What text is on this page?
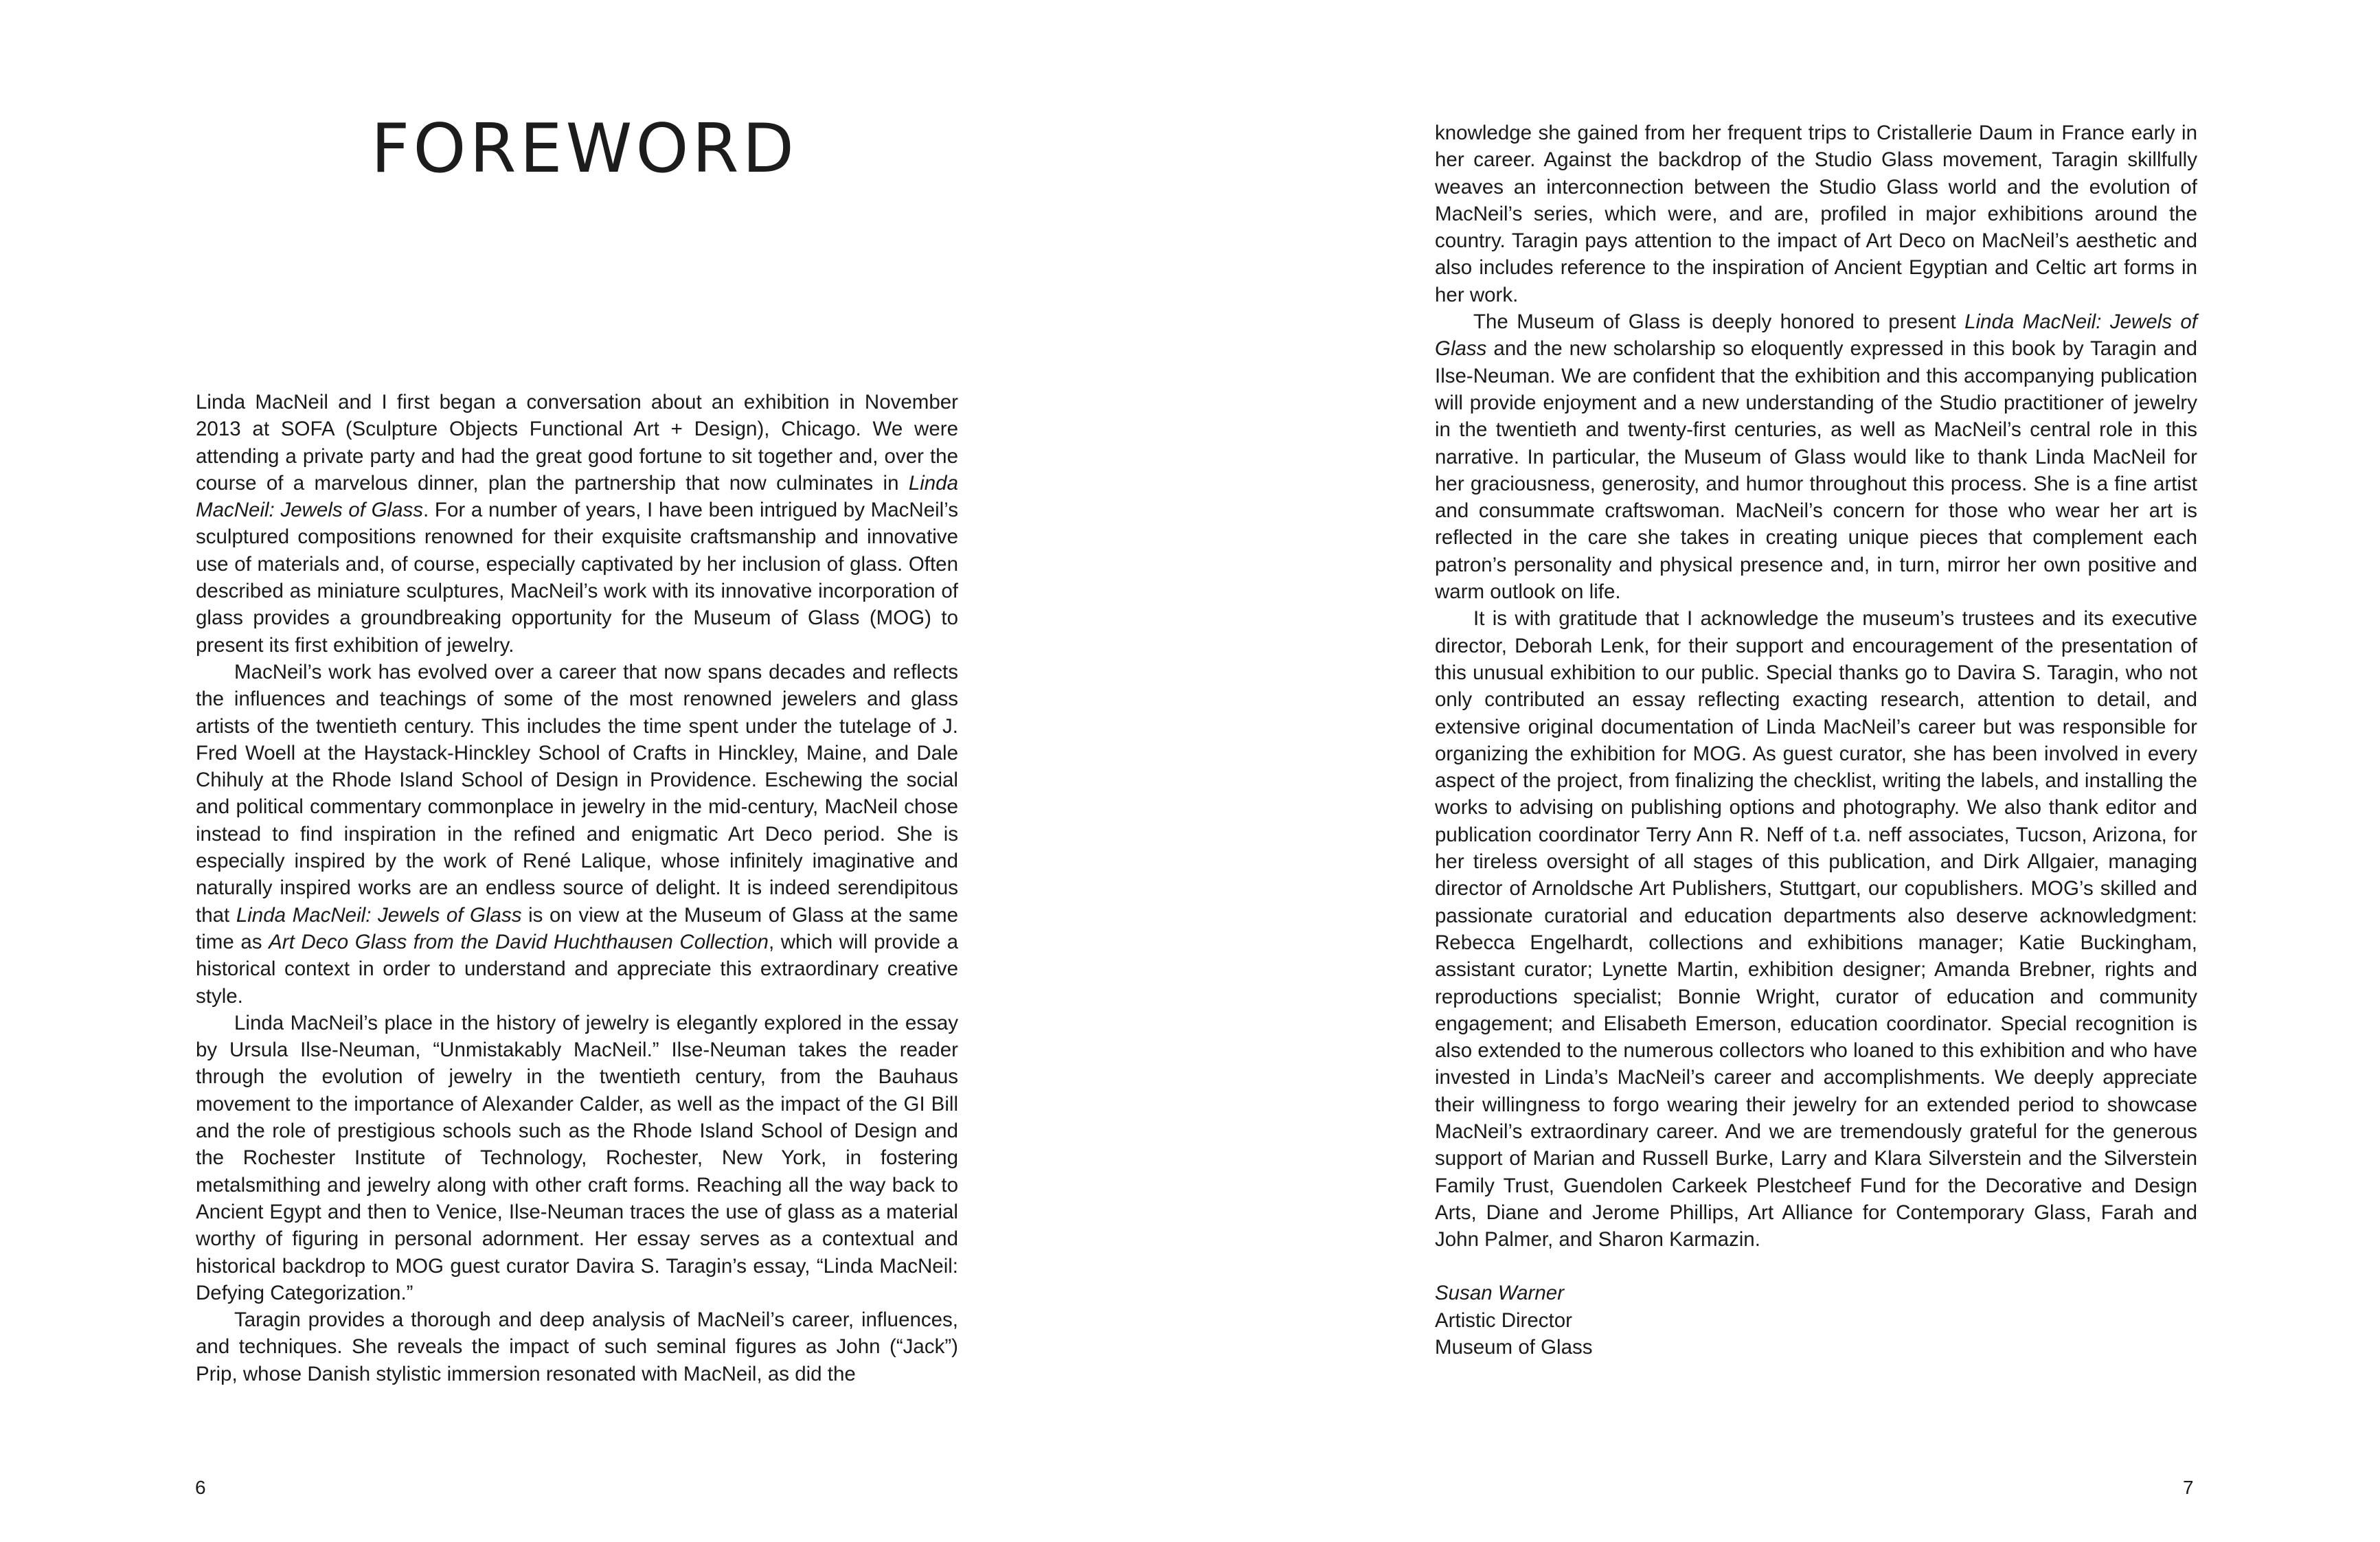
FOREWORD

Linda MacNeil and I first began a conversation about an exhibition in November 2013 at SOFA (Sculpture Objects Functional Art + Design), Chicago. We were attending a private party and had the great good fortune to sit together and, over the course of a marvelous dinner, plan the partnership that now culminates in Linda MacNeil: Jewels of Glass. For a number of years, I have been intrigued by MacNeil’s sculptured compositions renowned for their exquisite craftsmanship and innovative use of materials and, of course, especially captivated by her inclusion of glass. Often described as miniature sculptures, MacNeil’s work with its innovative incorporation of glass provides a groundbreaking opportunity for the Museum of Glass (MOG) to present its first exhibition of jewelry.

MacNeil’s work has evolved over a career that now spans decades and reflects the influences and teachings of some of the most renowned jewelers and glass artists of the twentieth century. This includes the time spent under the tutelage of J. Fred Woell at the Haystack-Hinckley School of Crafts in Hinckley, Maine, and Dale Chihuly at the Rhode Island School of Design in Providence. Eschewing the social and political commentary commonplace in jewelry in the mid-century, MacNeil chose instead to find inspiration in the refined and enigmatic Art Deco period. She is especially inspired by the work of René Lalique, whose infinitely imaginative and naturally inspired works are an endless source of delight. It is indeed serendipitous that Linda MacNeil: Jewels of Glass is on view at the Museum of Glass at the same time as Art Deco Glass from the David Huchthausen Collection, which will provide a historical context in order to understand and appreciate this extraordinary creative style.

Linda MacNeil’s place in the history of jewelry is elegantly explored in the essay by Ursula Ilse-Neuman, “Unmistakably MacNeil.” Ilse-Neuman takes the reader through the evolution of jewelry in the twentieth century, from the Bauhaus movement to the importance of Alexander Calder, as well as the impact of the GI Bill and the role of prestigious schools such as the Rhode Island School of Design and the Rochester Institute of Technology, Rochester, New York, in fostering metalsmithing and jewelry along with other craft forms. Reaching all the way back to Ancient Egypt and then to Venice, Ilse-Neuman traces the use of glass as a material worthy of figuring in personal adornment. Her essay serves as a contextual and historical backdrop to MOG guest curator Davira S. Taragin’s essay, “Linda MacNeil: Defying Categorization.”

Taragin provides a thorough and deep analysis of MacNeil’s career, influences, and techniques. She reveals the impact of such seminal figures as John (“Jack”) Prip, whose Danish stylistic immersion resonated with MacNeil, as did the

knowledge she gained from her frequent trips to Cristallerie Daum in France early in her career. Against the backdrop of the Studio Glass movement, Taragin skillfully weaves an interconnection between the Studio Glass world and the evolution of MacNeil’s series, which were, and are, profiled in major exhibitions around the country. Taragin pays attention to the impact of Art Deco on MacNeil’s aesthetic and also includes reference to the inspiration of Ancient Egyptian and Celtic art forms in her work.

The Museum of Glass is deeply honored to present Linda MacNeil: Jewels of Glass and the new scholarship so eloquently expressed in this book by Taragin and Ilse-Neuman. We are confident that the exhibition and this accompanying publication will provide enjoyment and a new understanding of the Studio practitioner of jewelry in the twentieth and twenty-first centuries, as well as MacNeil’s central role in this narrative. In particular, the Museum of Glass would like to thank Linda MacNeil for her graciousness, generosity, and humor throughout this process. She is a fine artist and consummate craftswoman. MacNeil’s concern for those who wear her art is reflected in the care she takes in creating unique pieces that complement each patron’s personality and physical presence and, in turn, mirror her own positive and warm outlook on life.

It is with gratitude that I acknowledge the museum’s trustees and its executive director, Deborah Lenk, for their support and encouragement of the presentation of this unusual exhibition to our public. Special thanks go to Davira S. Taragin, who not only contributed an essay reflecting exacting research, attention to detail, and extensive original documentation of Linda MacNeil’s career but was responsible for organizing the exhibition for MOG. As guest curator, she has been involved in every aspect of the project, from finalizing the checklist, writing the labels, and installing the works to advising on publishing options and photography. We also thank editor and publication coordinator Terry Ann R. Neff of t.a. neff associates, Tucson, Arizona, for her tireless oversight of all stages of this publication, and Dirk Allgaier, managing director of Arnoldsche Art Publishers, Stuttgart, our copublishers. MOG’s skilled and passionate curatorial and education departments also deserve acknowledgment: Rebecca Engelhardt, collections and exhibitions manager; Katie Buckingham, assistant curator; Lynette Martin, exhibition designer; Amanda Brebner, rights and reproductions specialist; Bonnie Wright, curator of education and community engagement; and Elisabeth Emerson, education coordinator. Special recognition is also extended to the numerous collectors who loaned to this exhibition and who have invested in Linda’s MacNeil’s career and accomplishments. We deeply appreciate their willingness to forgo wearing their jewelry for an extended period to showcase MacNeil’s extraordinary career. And we are tremendously grateful for the generous support of Marian and Russell Burke, Larry and Klara Silverstein and the Silverstein Family Trust, Guendolen Carkeek Plestcheef Fund for the Decorative and Design Arts, Diane and Jerome Phillips, Art Alliance for Contemporary Glass, Farah and John Palmer, and Sharon Karmazin.

Susan Warner
Artistic Director
Museum of Glass
6	7
